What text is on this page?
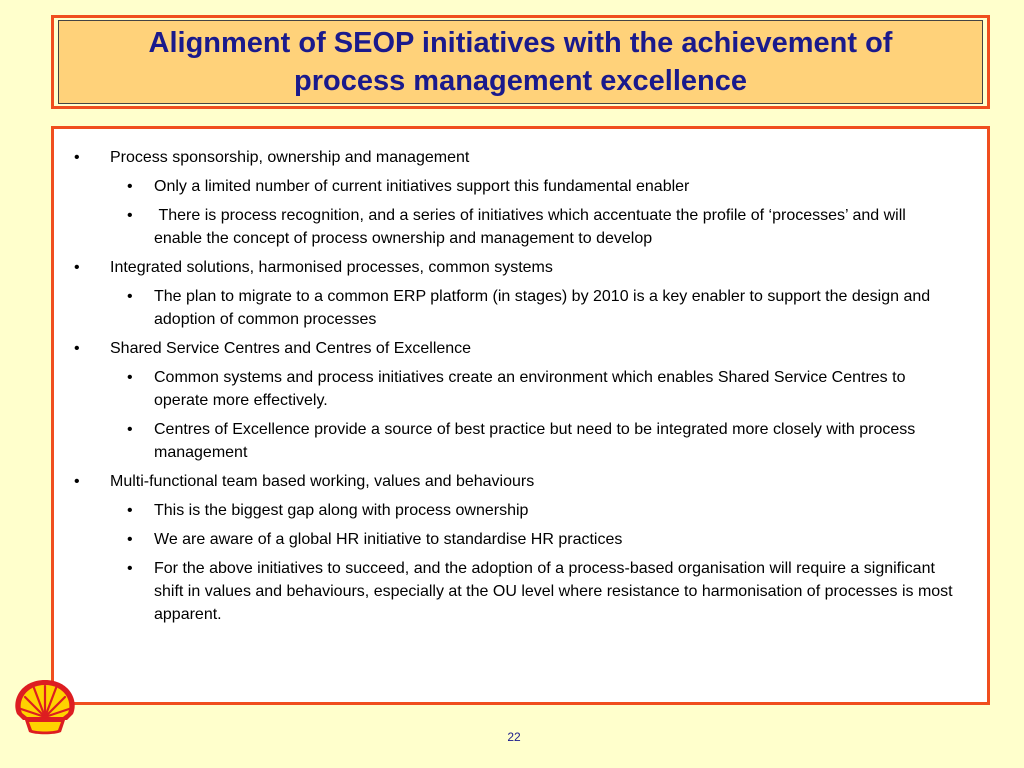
Alignment of SEOP initiatives with the achievement of
process management excellence
• Process sponsorship, ownership and management
• Only a limited number of current initiatives support this fundamental enabler
• There is process recognition, and a series of initiatives which accentuate the profile of ‘processes’ and will enable the concept of process ownership and management to develop
• Integrated solutions, harmonised processes, common systems
• The plan to migrate to a common ERP platform (in stages) by 2010 is a key enabler to support the design and adoption of common processes
• Shared Service Centres and Centres of Excellence
• Common systems and process initiatives create an environment which enables Shared Service Centres to operate more effectively.
• Centres of Excellence provide a source of best practice but need to be integrated more closely with process management
• Multi-functional team based working, values and behaviours
• This is the biggest gap along with process ownership
• We are aware of a global HR initiative to standardise HR practices
• For the above initiatives to succeed, and the adoption of a process-based organisation will require a significant shift in values and behaviours, especially at the OU level where resistance to harmonisation of processes is most apparent.
22
